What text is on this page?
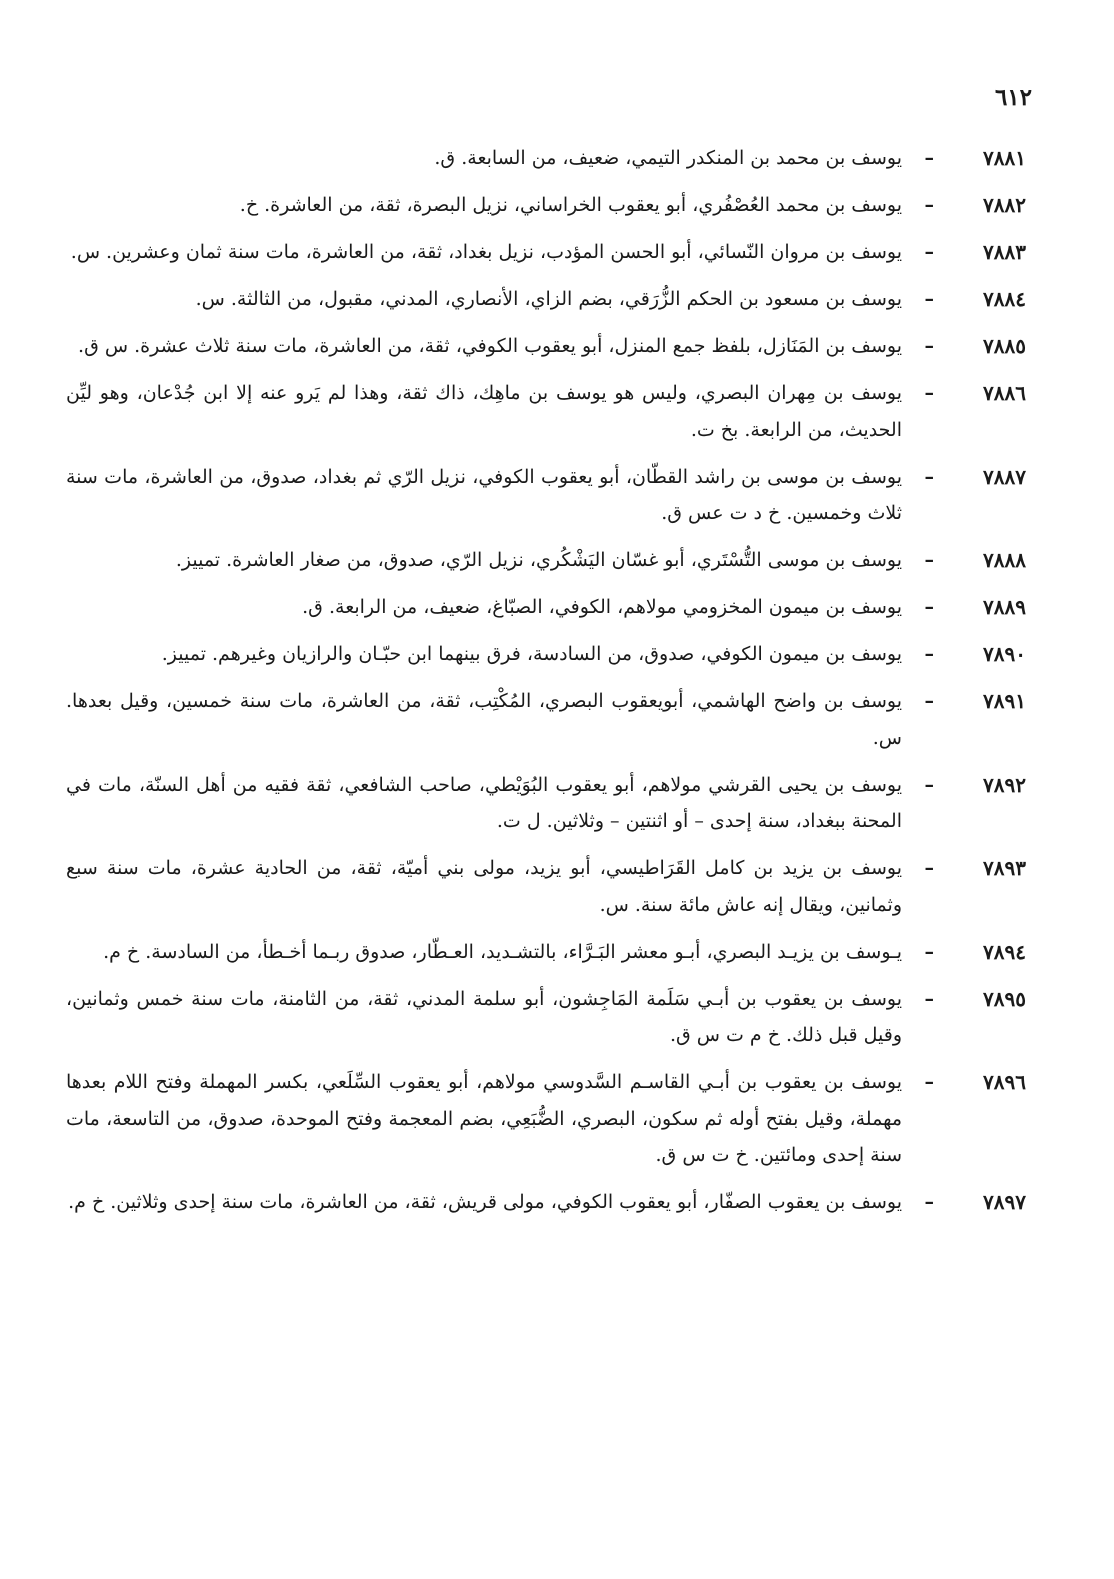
٦١٢
٧٨٨١
–
يوسف بن محمد بن المنكدر التيمي، ضعيف، من السابعة. ق.
٧٨٨٢
–
يوسف بن محمد العُصْفُري، أبو يعقوب الخراساني، نزيل البصرة، ثقة، من العاشرة. خ.
٧٨٨٣
–
يوسف بن مروان النّسائي، أبو الحسن المؤدب، نزيل بغداد، ثقة، من العاشرة، مات سنة ثمان وعشرين. س.
٧٨٨٤
–
يوسف بن مسعود بن الحكم الزُّرَقي، بضم الزاي، الأنصاري، المدني، مقبول، من الثالثة. س.
٧٨٨٥
–
يوسف بن المَنَازل، بلفظ جمع المنزل، أبو يعقوب الكوفي، ثقة، من العاشرة، مات سنة ثلاث عشرة. س ق.
٧٨٨٦
–
يوسف بن مِهران البصري، وليس هو يوسف بن ماهِك، ذاك ثقة، وهذا لم يَرو عنه إلا ابن جُدْعان، وهو ليِّن الحديث، من الرابعة. بخ ت.
٧٨٨٧
–
يوسف بن موسى بن راشد القطّان، أبو يعقوب الكوفي، نزيل الرّي ثم بغداد، صدوق، من العاشرة، مات سنة ثلاث وخمسين. خ د ت عس ق.
٧٨٨٨
–
يوسف بن موسى التُّسْتَري، أبو غسّان اليَشْكُري، نزيل الرّي، صدوق، من صغار العاشرة. تمييز.
٧٨٨٩
–
يوسف بن ميمون المخزومي مولاهم، الكوفي، الصبّاغ، ضعيف، من الرابعة. ق.
٧٨٩٠
–
يوسف بن ميمون الكوفي، صدوق، من السادسة، فرق بينهما ابن حبّـان والرازيان وغيرهم. تمييز.
٧٨٩١
–
يوسف بن واضح الهاشمي، أبويعقوب البصري، المُكْتِب، ثقة، من العاشرة، مات سنة خمسين، وقيل بعدها. س.
٧٨٩٢
–
يوسف بن يحيى القرشي مولاهم، أبو يعقوب البُوَيْطي، صاحب الشافعي، ثقة فقيه من أهل السنّة، مات في المحنة ببغداد، سنة إحدى – أو اثنتين – وثلاثين. ل ت.
٧٨٩٣
–
يوسف بن يزيد بن كامل القَرَاطيسي، أبو يزيد، مولى بني أميّة، ثقة، من الحادية عشرة، مات سنة سبع وثمانين، ويقال إنه عاش مائة سنة. س.
٧٨٩٤
–
يـوسف بن يزيـد البصري، أبـو معشر البَـرَّاء، بالتشـديد، العـطّار، صدوق ربـما أخـطأ، من السادسة. خ م.
٧٨٩٥
–
يوسف بن يعقوب بن أبـي سَلَمة المَاجِشون، أبو سلمة المدني، ثقة، من الثامنة، مات سنة خمس وثمانين، وقيل قبل ذلك. خ م ت س ق.
٧٨٩٦
–
يوسف بن يعقوب بن أبـي القاسـم السَّدوسي مولاهم، أبو يعقوب السِّلَعي، بكسر المهملة وفتح اللام بعدها مهملة، وقيل بفتح أوله ثم سكون، البصري، الضُّبَعِي، بضم المعجمة وفتح الموحدة، صدوق، من التاسعة، مات سنة إحدى ومائتين. خ ت س ق.
٧٨٩٧
–
يوسف بن يعقوب الصفّار، أبو يعقوب الكوفي، مولى قريش، ثقة، من العاشرة، مات سنة إحدى وثلاثين. خ م.
